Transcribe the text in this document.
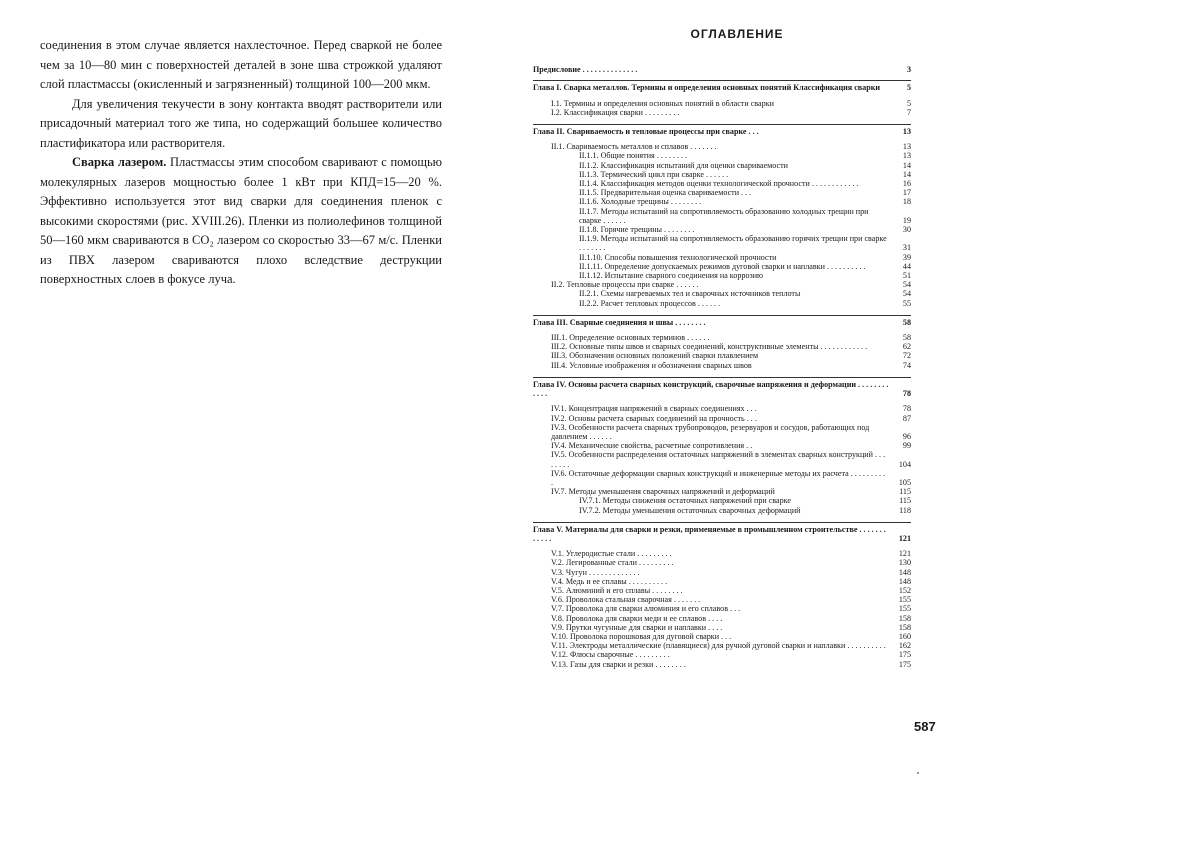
соединения в этом случае является нахлесточное. Перед сваркой не более чем за 10—80 мин с поверхностей деталей в зоне шва строжкой удаляют слой пластмассы (окисленный и загрязненный) толщиной 100—200 мкм.

Для увеличения текучести в зону контакта вводят растворители или присадочный материал того же типа, но содержащий большее количество пластификатора или растворителя.

Сварка лазером. Пластмассы этим способом сваривают с помощью молекулярных лазеров мощностью более 1 кВт при КПД=15—20 %. Эффективно используется этот вид сварки для соединения пленок с высокими скоростями (рис. XVIII.26). Пленки из полиолефинов толщиной 50—160 мкм свариваются в CO₂ лазером со скоростью 33—67 м/с. Пленки из ПВХ лазером свариваются плохо вследствие деструкции поверхностных слоев в фокусе луча.

ОГЛАВЛЕНИЕ
Предисловие . . . . . . . . . . . . . .	3
Глава I. Сварка металлов. Термины и определения основных понятий Классификация сварки	5
I.1. Термины и определения основных понятий в области сварки	5
I.2. Классификация сварки . . . . . . . . .	7
Глава II. Свариваемость и тепловые процессы при сварке . . .	13
II.1. Свариваемость металлов и сплавов . . . . . . .	13
II.1.1. Общие понятия . . . . . . . .	13
II.1.2. Классификация испытаний для оценки свариваемости	14
II.1.3. Термический цикл при сварке . . . . . .	14
II.1.4. Классификация методов оценки технологической прочности . . . . . . . . . . . .	16
II.1.5. Предварительная оценка свариваемости . . .	17
II.1.6. Холодные трещины . . . . . . . .	18
II.1.7. Методы испытаний на сопротивляемость образованию холодных трещин при сварке . . . . . .	19
II.1.8. Горячие трещины . . . . . . . .	30
II.1.9. Методы испытаний на сопротивляемость образованию горячих трещин при сварке . . . . . . .	31
II.1.10. Способы повышения технологической прочности	39
II.1.11. Определение допускаемых режимов дуговой сварки и наплавки . . . . . . . . . .	44
II.1.12. Испытание сварного соединения на коррозию	51
II.2. Тепловые процессы при сварке . . . . . .	54
II.2.1. Схемы нагреваемых тел и сварочных источников теплоты	54
II.2.2. Расчет тепловых процессов . . . . . .	55
Глава III. Сварные соединения и швы . . . . . . . .	58
III.1. Определение основных терминов . . . . . .	58
III.2. Основные типы швов и сварных соединений, конструктивные элементы . . . . . . . . . . . .	62
III.3. Обозначения основных положений сварки плавлением	72
III.4. Условные изображения и обозначения сварных швов	74
Глава IV. Основы расчета сварных конструкций, сварочные напряжения и деформации . . . . . . . . . . . .	78
IV.1. Концентрация напряжений в сварных соединениях . . .	78
IV.2. Основы расчета сварных соединений на прочность . . .	87
IV.3. Особенности расчета сварных трубопроводов, резервуаров и сосудов, работающих под давлением . . . . . .	96
IV.4. Механические свойства, расчетные сопротивления . .	99
IV.5. Особенности распределения остаточных напряжений в элементах сварных конструкций . . . . . . . .	104
IV.6. Остаточные деформации сварных конструкций и инженерные методы их расчета . . . . . . . . . .	105
IV.7. Методы уменьшения сварочных напряжений и деформаций	115
IV.7.1. Методы снижения остаточных напряжений при сварке	115
IV.7.2. Методы уменьшения остаточных сварочных деформаций	118
Глава V. Материалы для сварки и резки, применяемые в промышленном строительстве . . . . . . . . . . . .	121
V.1. Углеродистые стали . . . . . . . . .	121
V.2. Легированные стали . . . . . . . . .	130
V.3. Чугун . . . . . . . . . . . . .	148
V.4. Медь и ее сплавы . . . . . . . . . .	148
V.5. Алюминий и его сплавы . . . . . . . .	152
V.6. Проволока стальная сварочная . . . . . . .	155
V.7. Проволока для сварки алюминия и его сплавов . . .	155
V.8. Проволока для сварки меди и ее сплавов . . . .	158
V.9. Прутки чугунные для сварки и наплавки . . . .	158
V.10. Проволока порошковая для дуговой сварки . . .	160
V.11. Электроды металлические (плавящиеся) для ручной дуговой сварки и наплавки . . . . . . . . . .	162
V.12. Флюсы сварочные . . . . . . . . .	175
V.13. Газы для сварки и резки . . . . . . . .	175
587
